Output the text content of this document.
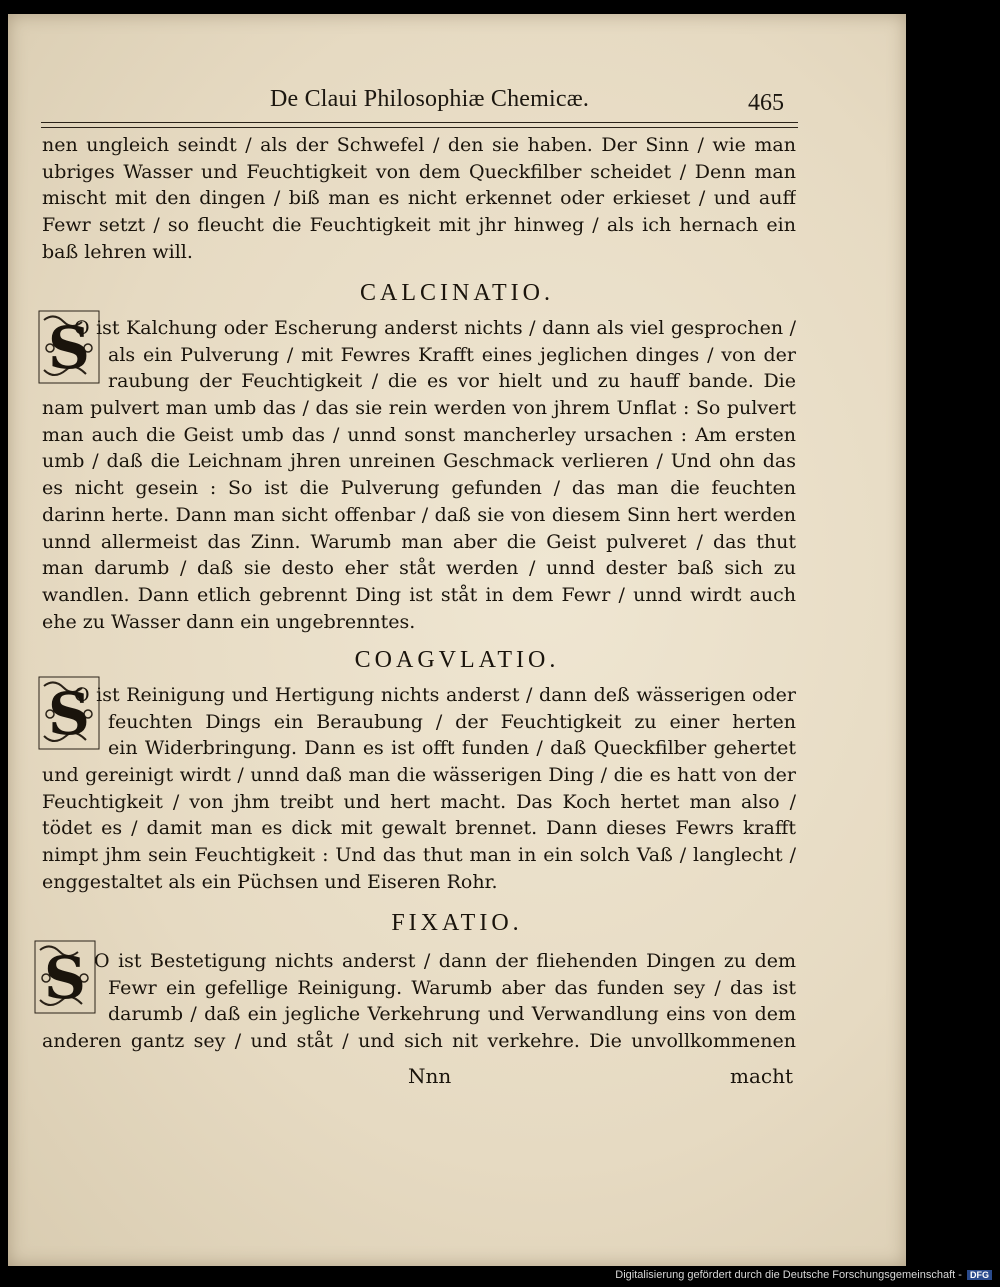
De Claui Philosophiæ Chemicæ.	465
nen ungleich seindt / als der Schwefel / den sie haben. Der Sinn / wie man
ubriges Wasser und Feuchtigkeit von dem Queckfilber scheidet / Denn man
mischt mit den dingen / biß man es nicht erkennet oder erkieset / und auff
Fewr setzt / so fleucht die Feuchtigkeit mit jhr hinweg / als ich hernach ein
baß lehren will.
CALCINATIO.
S
O ist Kalchung oder Escherung anderst nichts / dann als viel gesprochen /
als ein Pulverung / mit Fewres Krafft eines jeglichen dinges / von der
raubung der Feuchtigkeit / die es vor hielt und zu hauff bande. Die
nam pulvert man umb das / das sie rein werden von jhrem Unflat : So pulvert
man auch die Geist umb das / unnd sonst mancherley ursachen : Am ersten
umb / daß die Leichnam jhren unreinen Geschmack verlieren / Und ohn das
es nicht gesein : So ist die Pulverung gefunden / das man die feuchten
darinn herte. Dann man sicht offenbar / daß sie von diesem Sinn hert werden
unnd allermeist das Zinn. Warumb man aber die Geist pulveret / das thut
man darumb / daß sie desto eher ståt werden / unnd dester baß sich zu
wandlen. Dann etlich gebrennt Ding ist ståt in dem Fewr / unnd wirdt auch
ehe zu Wasser dann ein ungebrenntes.
COAGVLATIO.
S
O ist Reinigung und Hertigung nichts anderst / dann deß wässerigen oder
feuchten Dings ein Beraubung / der Feuchtigkeit zu einer herten
ein Widerbringung. Dann es ist offt funden / daß Queckfilber gehertet
und gereinigt wirdt / unnd daß man die wässerigen Ding / die es hatt von der
Feuchtigkeit / von jhm treibt und hert macht. Das Koch hertet man also /
tödet es / damit man es dick mit gewalt brennet. Dann dieses Fewrs krafft
nimpt jhm sein Feuchtigkeit : Und das thut man in ein solch Vaß / langlecht /
enggestaltet als ein Püchsen und Eiseren Rohr.
FIXATIO.
S O ist Bestetigung nichts anderst / dann der fliehenden Dingen zu dem
Fewr ein gefellige Reinigung. Warumb aber das funden sey / das ist
darumb / daß ein jegliche Verkehrung und Verwandlung eins von dem
anderen gantz sey / und ståt / und sich nit verkehre. Die unvollkommenen
Nnn	macht
Digitalisierung gefördert durch die Deutsche Forschungsgemeinschaft - DFG
